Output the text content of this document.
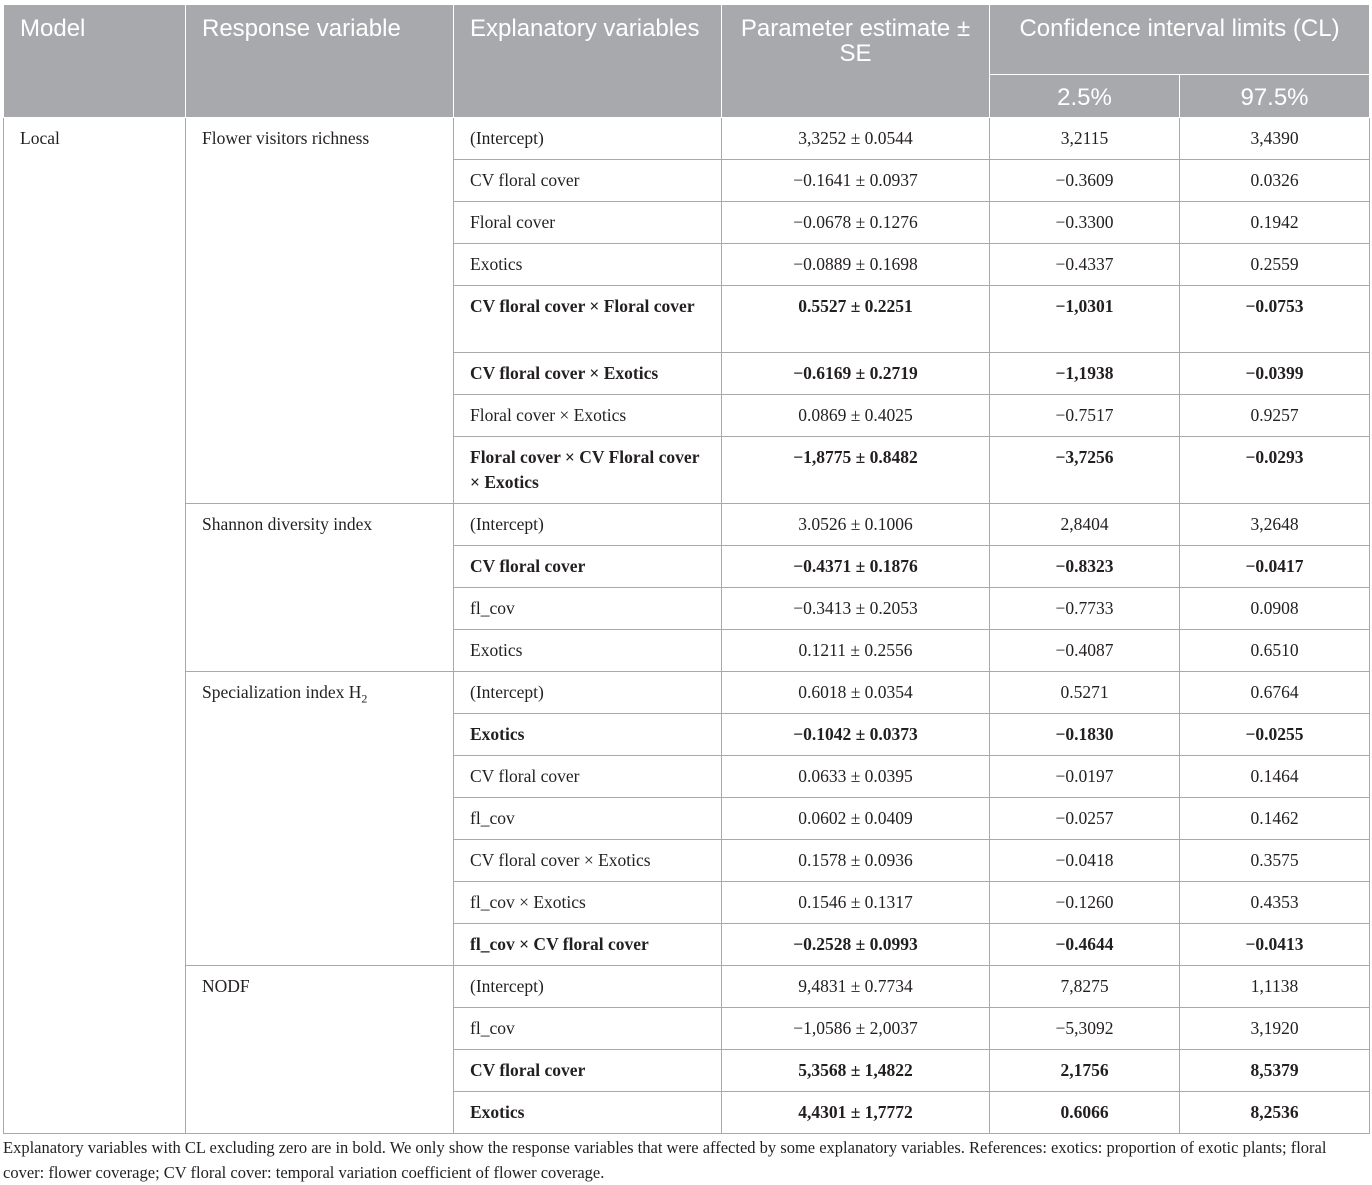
Model	Response variable	Explanatory variables	Parameter estimate ± SE	Confidence interval limits (CL)	
				2.5%	97.5%
Local	Flower visitors richness	(Intercept)	3,3252 ± 0.0544	3,2115	3,4390
		CV floral cover	−0.1641 ± 0.0937	−0.3609	0.0326
		Floral cover	−0.0678 ± 0.1276	−0.3300	0.1942
		Exotics	−0.0889 ± 0.1698	−0.4337	0.2559
		CV floral cover × Floral cover	0.5527 ± 0.2251	−1,0301	−0.0753
		CV floral cover × Exotics	−0.6169 ± 0.2719	−1,1938	−0.0399
		Floral cover × Exotics	0.0869 ± 0.4025	−0.7517	0.9257
		Floral cover × CV Floral cover × Exotics	−1,8775 ± 0.8482	−3,7256	−0.0293
	Shannon diversity index	(Intercept)	3.0526 ± 0.1006	2,8404	3,2648
		CV floral cover	−0.4371 ± 0.1876	−0.8323	−0.0417
		fl_cov	−0.3413 ± 0.2053	−0.7733	0.0908
		Exotics	0.1211 ± 0.2556	−0.4087	0.6510
	Specialization index $H_2$	(Intercept)	0.6018 ± 0.0354	0.5271	0.6764
		Exotics	−0.1042 ± 0.0373	−0.1830	−0.0255
		CV floral cover	0.0633 ± 0.0395	−0.0197	0.1464
		fl_cov	0.0602 ± 0.0409	−0.0257	0.1462
		CV floral cover × Exotics	0.1578 ± 0.0936	−0.0418	0.3575
		fl_cov × Exotics	0.1546 ± 0.1317	−0.1260	0.4353
		fl_cov × CV floral cover	−0.2528 ± 0.0993	−0.4644	−0.0413
	NODF	(Intercept)	9,4831 ± 0.7734	7,8275	1,1138
		fl_cov	−1,0586 ± 2,0037	−5,3092	3,1920
		CV floral cover	5,3568 ± 1,4822	2,1756	8,5379
		Exotics	4,4301 ± 1,7772	0.6066	8,2536
Explanatory variables with CL excluding zero are in bold. We only show the response variables that were affected by some explanatory variables. References: exotics: proportion of exotic plants; floral cover: flower coverage; CV floral cover: temporal variation coefficient of flower coverage.
